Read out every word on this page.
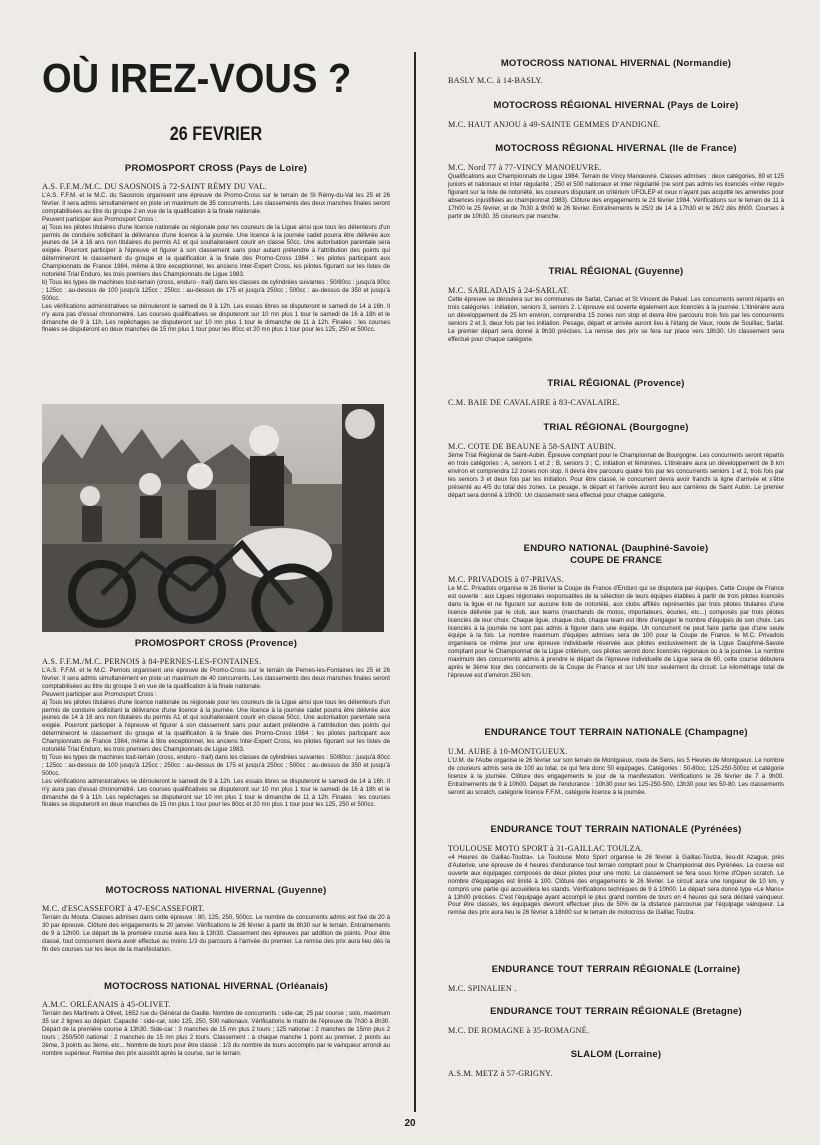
OÙ IREZ-VOUS ?
26 FEVRIER
PROMOSPORT CROSS (Pays de Loire)
A.S. F.F.M./M.C. DU SAOSNOIS à 72-SAINT RÉMY DU VAL.

L'A.S. F.F.M. et le M.C. du Saosnois organisent une épreuve de Promo-Cross sur le terrain de St Rémy-du-Val les 25 et 26 février. Il sera admis simultanément en piste un maximum de 35 concurrents. Les classements des deux manches finales seront comptabilisées au titre du groupe 2 en vue de la qualification à la finale nationale.

Peuvent participer aux Promosport Cross :

a) Tous les pilotes titulaires d'une licence nationale ou régionale pour les coureurs de la Ligue ainsi que tous les détenteurs d'un permis de conduire sollicitant la délivrance d'une licence à la journée. Une licence à la journée cadet pourra être délivrée aux jeunes de 14 à 16 ans non titulaires du permis A1 et qui souhaiteraient courir en classe 50cc. Une autorisation parentale sera exigée. Pourront participer à l'épreuve et figurer à son classement sans pour autant prétendre à l'attribution des points qui détermineront le classement du groupe et la qualification à la finale des Promo-Cross 1984 : les pilotes participant aux Championnats de France 1984, même à titre exceptionnel, les anciens Inter-Expert Cross, les pilotes figurant sur les listes de notoriété Trial Enduro, les trois premiers des Championnats de Ligue 1983.

b) Tous les types de machines tout-terrain (cross, enduro - trail) dans les classes de cylindrées suivantes : 50/80cc : jusqu'à 80cc ; 125cc : au-dessus de 100 jusqu'à 125cc ; 250cc : au-dessus de 175 et jusqu'à 250cc ; 500cc : au-dessus de 350 et jusqu'à 500cc.

Les vérifications administratives se dérouleront le samedi de 9 à 12h. Les essais libres se disputeront le samedi de 14 à 16h. Il n'y aura pas d'essai chronométré. Les courses qualificatives se disputeront sur 10 mn plus 1 tour le samedi de 16 à 18h et le dimanche de 9 à 11h. Les repêchages se disputeront sur 10 mn plus 1 tour le dimanche de 11 à 12h. Finales : les courses finales se disputeront en deux manches de 15 mn plus 1 tour pour les 80cc et 20 mn plus 1 tour pour les 125, 250 et 500cc.

PROMOSPORT CROSS (Provence)
A.S. F.F.M./M.C. PERNOIS à 84-PERNES-LES-FONTAINES.

L'A.S. F.F.M. et le M.C. Pernois organisent une épreuve de Promo-Cross sur le terrain de Pernes-les-Fontaines les 25 et 26 février. Il sera admis simultanément en piste un maximum de 40 concurrents. Les classements des deux manches finales seront comptabilisées au titre du groupe 3 en vue de la qualification à la finale nationale.

Peuvent participer aux Promosport Cross :

a) Tous les pilotes titulaires d'une licence nationale ou régionale pour les coureurs de la Ligue ainsi que tous les détenteurs d'un permis de conduire sollicitant la délivrance d'une licence à la journée. Une licence à la journée cadet pourra être délivrée aux jeunes de 14 à 16 ans non titulaires du permis A1 et qui souhaiteraient courir en classe 50cc. Une autorisation parentale sera exigée. Pourront participer à l'épreuve et figurer à son classement sans pour autant prétendre à l'attribution des points qui détermineront le classement du groupe et la qualification à la finale des Promo-Cross 1984 : les pilotes participant aux Championnats de France 1984, même à titre exceptionnel, les anciens Inter-Expert Cross, les pilotes figurant sur les listes de notoriété Trial Enduro, les trois premiers des Championnats de Ligue 1983.

b) Tous les types de machines tout-terrain (cross, enduro - trail) dans les classes de cylindrées suivantes : 50/80cc : jusqu'à 80cc ; 125cc : au-dessus de 100 jusqu'à 125cc ; 250cc : au-dessus de 175 et jusqu'à 250cc ; 500cc : au-dessus de 350 et jusqu'à 500cc.

Les vérifications administratives se dérouleront le samedi de 9 à 12h. Les essais libres se disputeront le samedi de 14 à 16h. Il n'y aura pas d'essai chronométré. Les courses qualificatives se disputeront sur 10 mn plus 1 tour le samedi de 16 à 18h et le dimanche de 9 à 11h. Les repêchages se disputeront sur 10 mn plus 1 tour le dimanche de 11 à 12h. Finales : les courses finales se disputeront en deux manches de 15 mn plus 1 tour pour les 80cc et 20 mn plus 1 tour pour les 125, 250 et 500cc.

MOTOCROSS NATIONAL HIVERNAL (Guyenne)
M.C. d'ESCASSEFORT à 47-ESCASSEFORT.

Terrain du Mouta. Classes admises dans cette épreuve : 80, 125, 250, 500cc. Le nombre de concurrents admis est fixé de 20 à 30 par épreuve. Clôture des engagements le 20 janvier. Vérifications le 26 février à partir de 8h30 sur le terrain. Entraînements de 9 à 12h00. Le départ de la première course aura lieu à 13h30. Classement des épreuves par addition de points. Pour être classé, tout concurrent devra avoir effectué au moins 1/3 du parcours à l'arrivée du premier. La remise des prix aura lieu dès la fin des courses sur les lieux de la manifestation.

MOTOCROSS NATIONAL HIVERNAL (Orléanais)
A.M.C. ORLÉANAIS à 45-OLIVET.

Terrain des Martinets à Olivet, 1652 rue du Général de Gaulle. Nombre de concurrents : side-car, 25 par course ; solo, maximum 35 sur 2 lignes au départ. Capacité : side-car, solo 125, 250, 500 nationaux. Vérifications le matin de l'épreuve de 7h30 à 8h30. Départ de la première course à 13h30. Side-car : 3 manches de 15 mn plus 2 tours ; 125 national : 2 manches de 15mn plus 2 tours ; 250/500 national : 2 manches de 15 mn plus 2 tours. Classement : à chaque manche 1 point au premier, 2 points au 2ème, 3 points au 3ème, etc... Nombre de tours pour être classé : 1/3 du nombre de tours accomplis par le vainqueur arrondi au nombre supérieur. Remise des prix aussitôt après la course, sur le terrain.

MOTOCROSS NATIONAL HIVERNAL (Normandie)
BASLY M.C. à 14-BASLY.
MOTOCROSS RÉGIONAL HIVERNAL (Pays de Loire)
M.C. HAUT ANJOU à 49-SAINTE GEMMES D'ANDIGNÉ.
MOTOCROSS RÉGIONAL HIVERNAL (Ile de France)
M.C. Nord 77 à 77-VINCY MANOEUVRE.

Qualifications aux Championnats de Ligue 1984. Terrain de Vincy Manœuvre. Classes admises : deux catégories, 80 et 125 juniors et nationaux et inter régularité ; 250 et 500 nationaux et inter régularité (ne sont pas admis les licenciés «inter régul» figurant sur la liste de notoriété, les coureurs disputant un critérium UFOLEP et ceux n'ayant pas acquitté les amendes pour absences injustifiées au championnat 1983). Clôture des engagements le 23 février 1984. Vérifications sur le terrain de 11 à 17h00 le 25 février, et de 7h30 à 9h00 le 26 février. Entraînements le 25/2 de 14 à 17h30 et le 26/2 dès 8h00. Courses à partir de 10h30. 35 coureurs par manche.

TRIAL RÉGIONAL (Guyenne)
M.C. SARLADAIS à 24-SARLAT.

Cette épreuve se déroulera sur les communes de Sarlat, Carsac et St Vincent de Paluel. Les concurrents seront répartis en trois catégories : initiation, seniors 3, seniors 2. L'épreuve est ouverte également aux licenciés à la journée. L'itinéraire aura un développement de 25 km environ, comprendra 15 zones non stop et devra être parcouru trois fois par les concurrents seniors 2 et 3, deux fois par les initiation. Pesage, départ et arrivée auront lieu à l'étang de Vaux, route de Souillac, Sarlat. Le premier départ sera donné à 9h30 précises. La remise des prix se fera sur place vers 18h30. Un classement sera effectué pour chaque catégorie.

TRIAL RÉGIONAL (Provence)
C.M. BAIE DE CAVALAIRE à 83-CAVALAIRE.
TRIAL RÉGIONAL (Bourgogne)
M.C. COTE DE BEAUNE à 58-SAINT AUBIN.

3ème Trial Régional de Saint-Aubin. Épreuve comptant pour le Championnat de Bourgogne. Les concurrents seront répartis en trois catégories : A, seniors 1 et 2 ; B, seniors 3 ; C, initiation et féminines. L'itinéraire aura un développement de 8 km environ et comprendra 12 zones non stop. Il devra être parcouru quatre fois par les concurrents seniors 1 et 2, trois fois par les seniors 3 et deux fois par les initiation. Pour être classé, le concurrent devra avoir franchi la ligne d'arrivée et s'être présenté au 4/5 du total des zones. Le pesage, le départ et l'arrivée auront lieu aux carrières de Saint Aubin. Le premier départ sera donné à 10h00. Un classement sera effectué pour chaque catégorie.

ENDURO NATIONAL (Dauphiné-Savoie)
COUPE DE FRANCE
M.C. PRIVADOIS à 07-PRIVAS.

Le M.C. Privadois organise le 26 février la Coupe de France d'Enduro qui se disputera par équipes. Cette Coupe de France est ouverte : aux Ligues régionales responsables de la sélection de leurs équipes établies à partir de trois pilotes licenciés dans la ligue et ne figurant sur aucune liste de notoriété, aux clubs affiliés représentés par trois pilotes titulaires d'une licence délivrée par le club, aux teams (marchands de motos, importateurs, écuries, etc...) composés par trois pilotes licenciés de leur choix. Chaque ligue, chaque club, chaque team est libre d'engager le nombre d'équipes de son choix. Les licenciés à la journée ne sont pas admis à figurer dans une équipe. Un concurrent ne peut faire partie que d'une seule équipe à la fois. Le nombre maximum d'équipes admises sera de 100 pour la Coupe de France. le M.C. Privadois organisera ce même jour une épreuve individuelle réservée aux pilotes exclusivement de la Ligue Dauphiné-Savoie comptant pour le Championnat de la Ligue critérium, ces pilotes seront donc licenciés régionaux ou à la journée. Le nombre maximum des concurrents admis à prendre le départ de l'épreuve individuelle de Ligue sera de 60, cette course débutera après le 3ème tour des concurrents de la Coupe de France et sur UN tour seulement du circuit. Le kilométrage total de l'épreuve est d'environ 250 km.

ENDURANCE TOUT TERRAIN NATIONALE (Champagne)
U.M. AUBE à 10-MONTGUEUX.

L'U.M. de l'Aube organise le 26 février sur son terrain de Montgueux, route de Sens, les 5 Heures de Montgueux. Le nombre de coureurs admis sera de 100 au total, ce qui fera donc 50 équipages. Catégories : 50-80cc, 125-250-500cc et catégorie licence à la journée. Clôture des engagements le jour de la manifestation. Vérifications le 26 février de 7 à 9h00. Entraînements de 9 à 10h00. Départ de l'endurance : 10h30 pour les 125-250-500, 13h30 pour les 50-80. Les classements seront au scratch, catégorie licence F.F.M., catégorie licence à la journée.

ENDURANCE TOUT TERRAIN NATIONALE (Pyrénées)
TOULOUSE MOTO SPORT à 31-GAILLAC TOULZA.

«4 Heures de Gaillac-Toulza». Le Toulouse Moto Sport organise le 26 février à Gaillac-Toulza, lieu-dit Azague, près d'Auterive, une épreuve de 4 heures d'endurance tout terrain comptant pour le Championnat des Pyrénées. La course est ouverte aux équipages composés de deux pilotes pour une moto. Le classement se fera sous forme d'Open scratch. Le nombre d'équipages est limité à 100. Clôture des engagements le 26 février. Le circuit aura une longueur de 10 km, y compris une partie qui accueillera les stands. Vérifications techniques de 9 à 10h00. Le départ sera donné type «Le Mans» à 13h00 précises. C'est l'équipage ayant accompli le plus grand nombre de tours en 4 heures qui sera déclaré vainqueur. Pour être classés, les équipages devront effectuer plus de 50% de la distance parcourue par l'équipage vainqueur. La remise des prix aura lieu le 26 février à 18h00 sur le terrain de motocross de Gaillac Toulza.

ENDURANCE TOUT TERRAIN RÉGIONALE (Lorraine)
M.C. SPINALIEN .
ENDURANCE TOUT TERRAIN RÉGIONALE (Bretagne)
M.C. DE ROMAGNE à 35-ROMAGNÉ.
SLALOM (Lorraine)
A.S.M. METZ à 57-GRIGNY.
20
